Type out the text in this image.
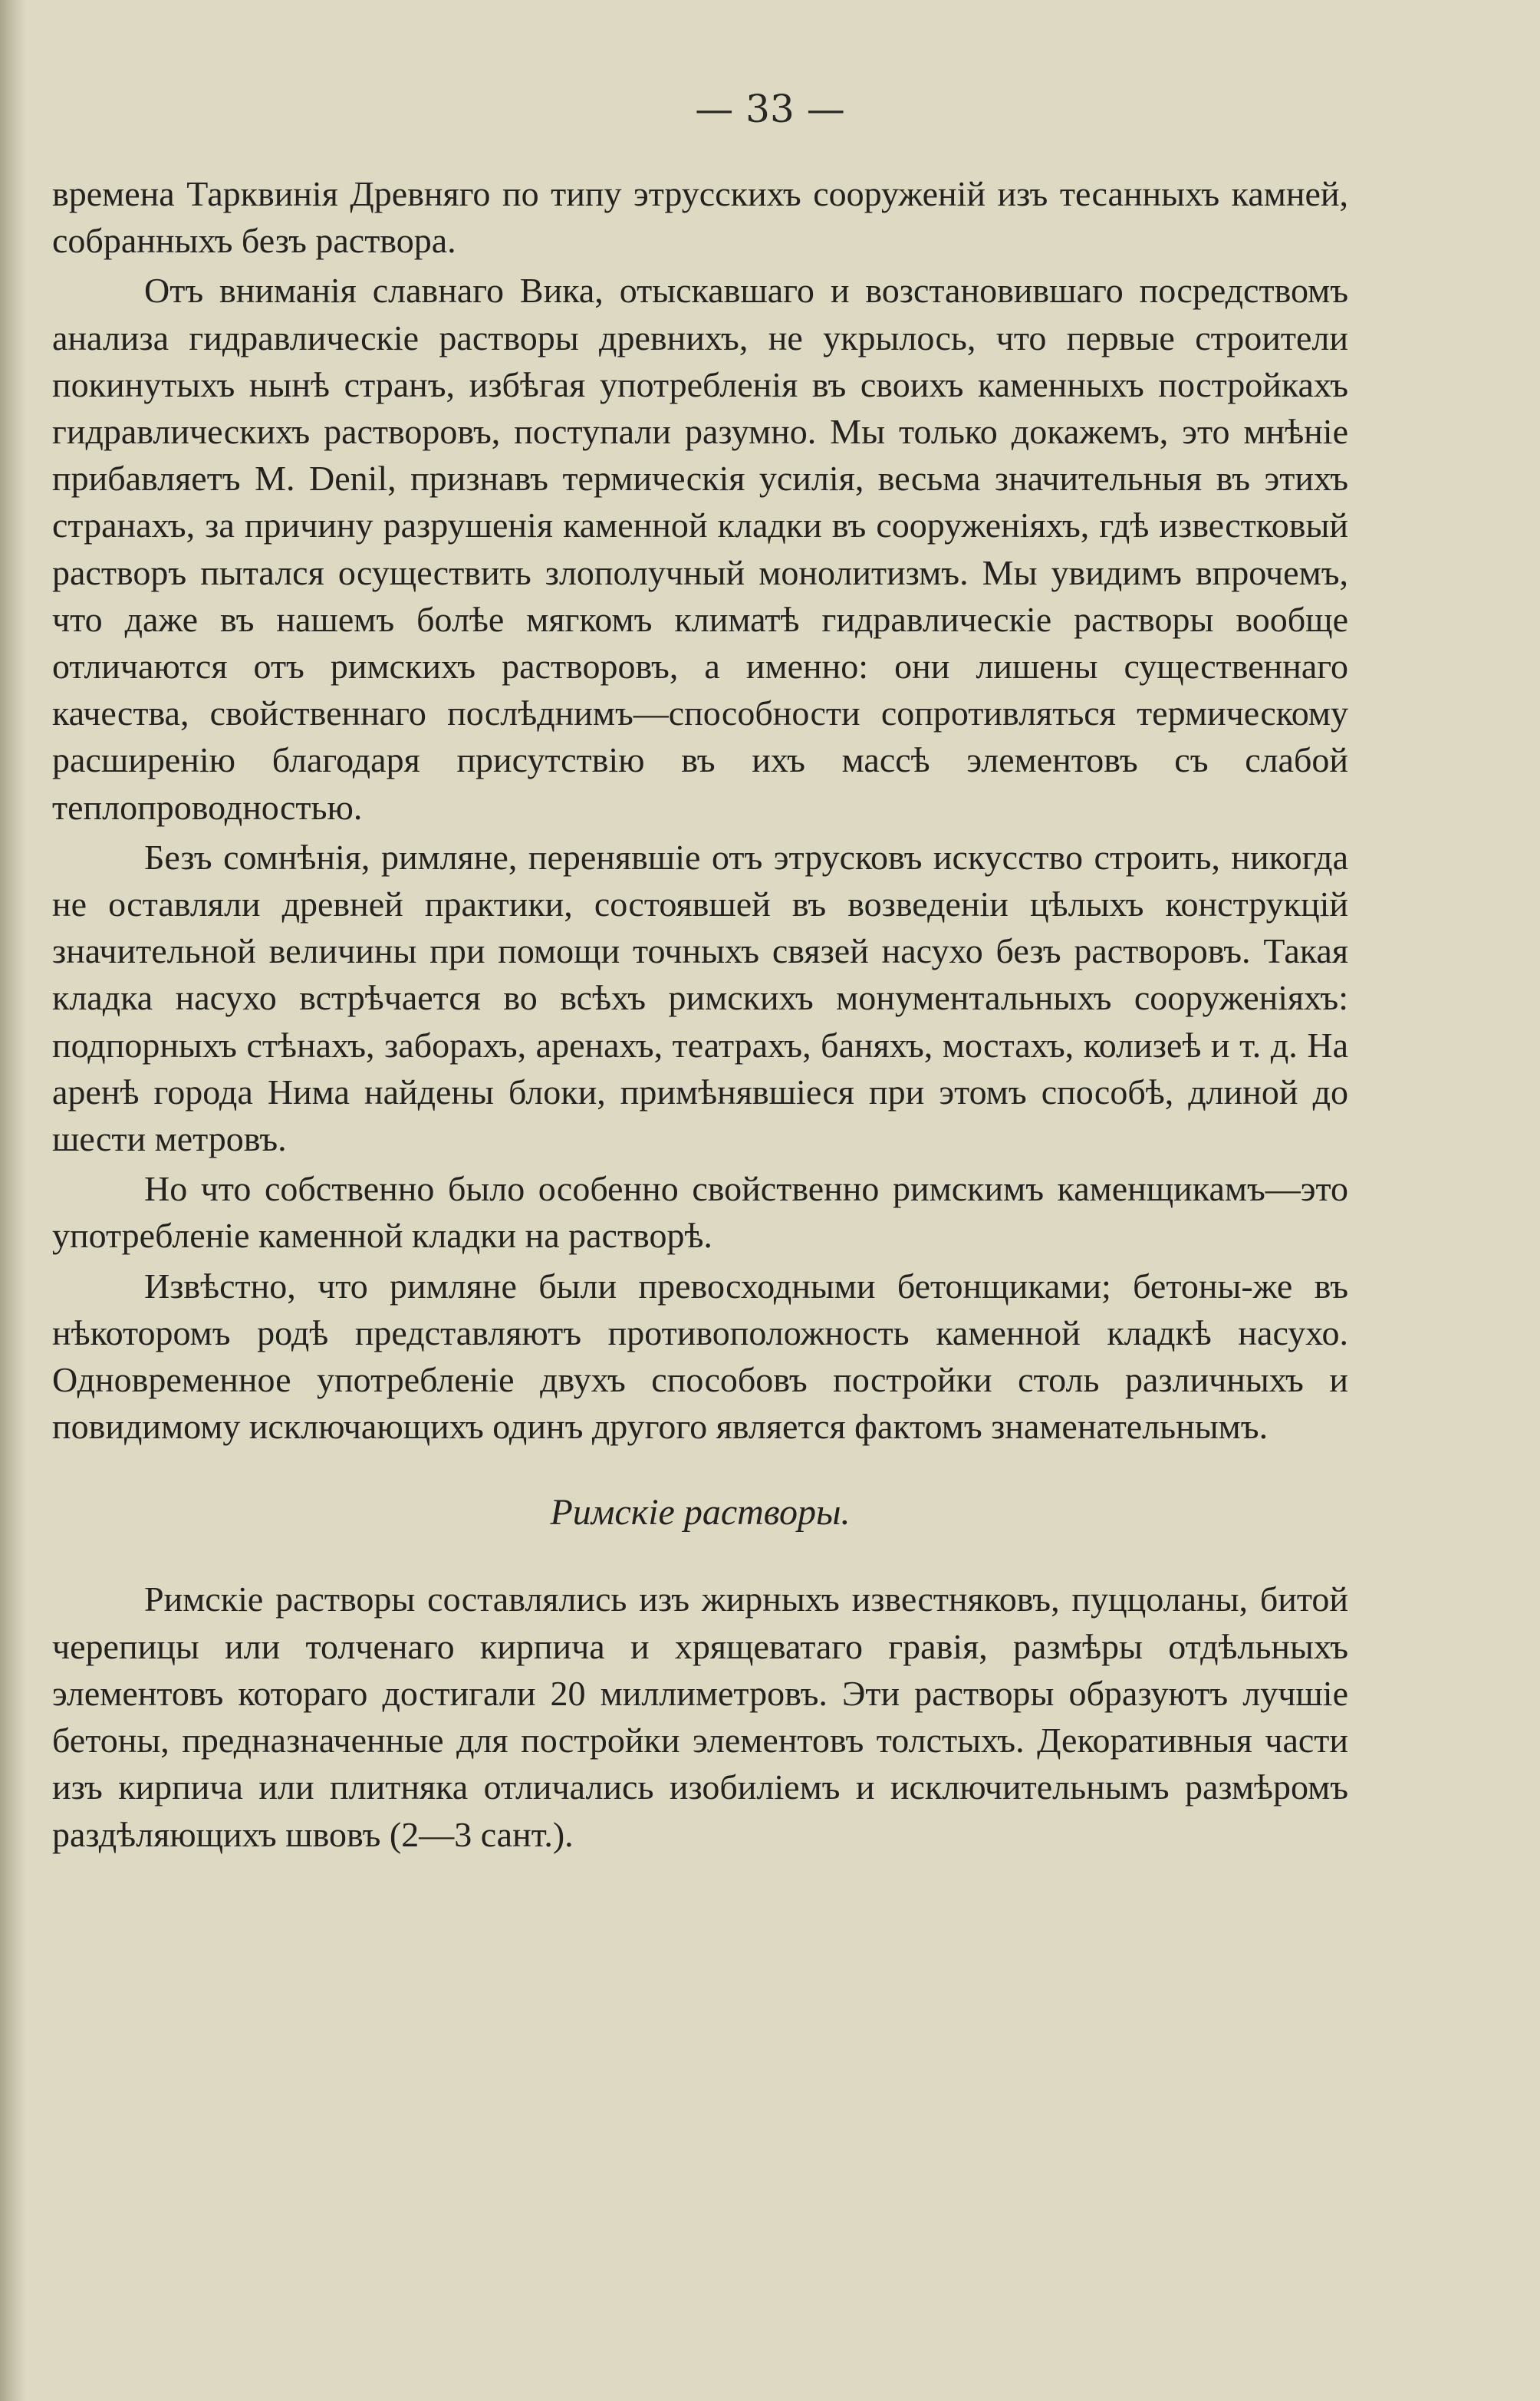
— 33 —

времена Тарквинія Древняго по типу этрусскихъ сооруженій изъ тесанныхъ камней, собранныхъ безъ раствора.

Отъ вниманія славнаго Вика, отыскавшаго и возстановившаго посредствомъ анализа гидравлическіе растворы древнихъ, не укрылось, что первые строители покинутыхъ нынѣ странъ, избѣгая употребленія въ своихъ каменныхъ постройкахъ гидравлическихъ растворовъ, поступали разумно. Мы только докажемъ, это мнѣніе прибавляетъ M. Denil, признавъ термическія усилія, весьма значительныя въ этихъ странахъ, за причину разрушенія каменной кладки въ сооруженіяхъ, гдѣ известковый растворъ пытался осуществить злополучный монолитизмъ. Мы увидимъ впрочемъ, что даже въ нашемъ болѣе мягкомъ климатѣ гидравлическіе растворы вообще отличаются отъ римскихъ растворовъ, а именно: они лишены существеннаго качества, свойственнаго послѣднимъ—способности сопротивляться термическому расширенію благодаря присутствію въ ихъ массѣ элементовъ съ слабой теплопроводностью.

Безъ сомнѣнія, римляне, перенявшіе отъ этрусковъ искусство строить, никогда не оставляли древней практики, состоявшей въ возведеніи цѣлыхъ конструкцій значительной величины при помощи точныхъ связей насухо безъ растворовъ. Такая кладка насухо встрѣчается во всѣхъ римскихъ монументальныхъ сооруженіяхъ: подпорныхъ стѣнахъ, заборахъ, аренахъ, театрахъ, баняхъ, мостахъ, колизеѣ и т. д. На аренѣ города Нима найдены блоки, примѣнявшіеся при этомъ способѣ, длиной до шести метровъ.

Но что собственно было особенно свойственно римскимъ каменщикамъ—это употребленіе каменной кладки на растворѣ.

Извѣстно, что римляне были превосходными бетонщиками; бетоны-же въ нѣкоторомъ родѣ представляютъ противоположность каменной кладкѣ насухо. Одновременное употребленіе двухъ способовъ постройки столь различныхъ и повидимому исключающихъ одинъ другого является фактомъ знаменательнымъ.

Римскіе растворы.

Римскіе растворы составлялись изъ жирныхъ известняковъ, пуццоланы, битой черепицы или толченаго кирпича и хрящеватаго гравія, размѣры отдѣльныхъ элементовъ котораго достигали 20 миллиметровъ. Эти растворы образуютъ лучшіе бетоны, предназначенные для постройки элементовъ толстыхъ. Декоративныя части изъ кирпича или плитняка отличались изобиліемъ и исключительнымъ размѣромъ раздѣляющихъ швовъ (2—3 сант.).
